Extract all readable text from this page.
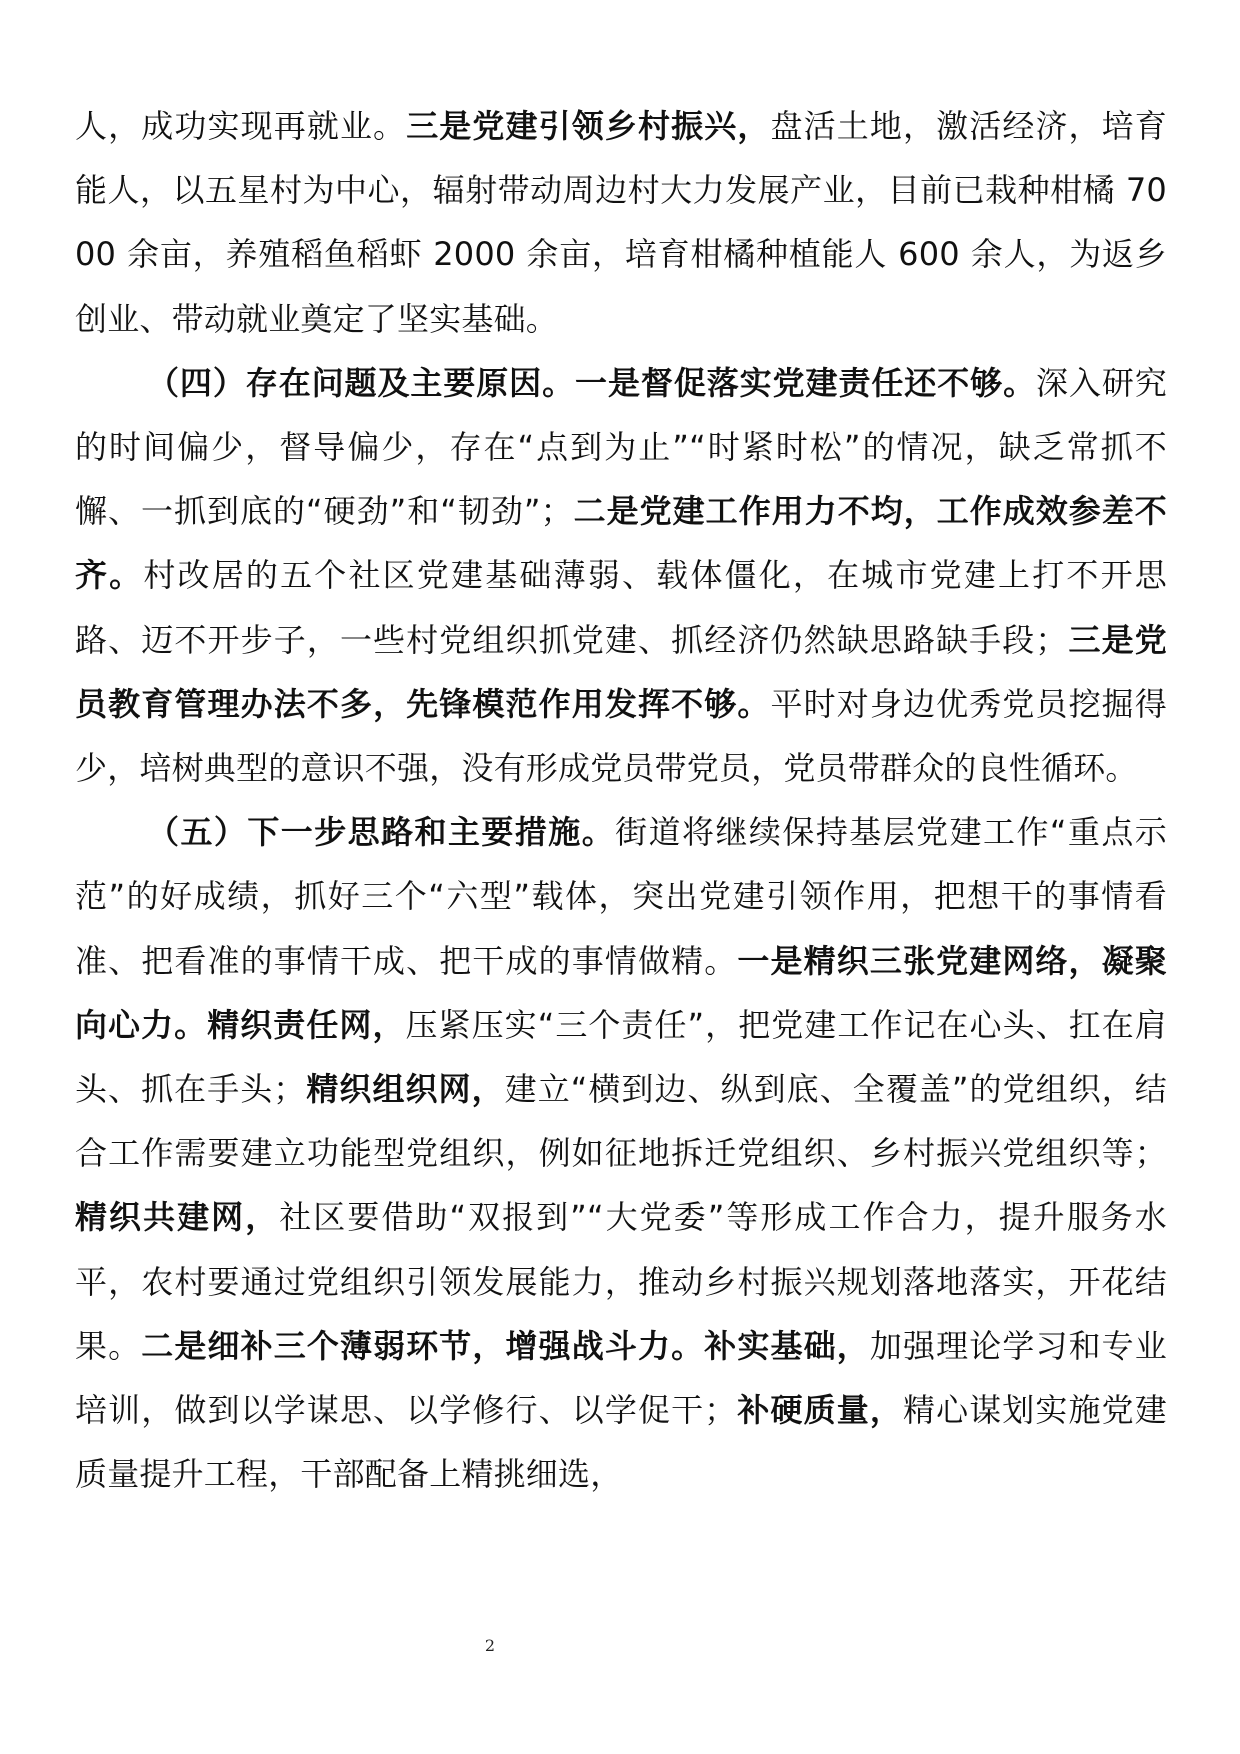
人，成功实现再就业。三是党建引领乡村振兴，盘活土地，激活经济，培育能人，以五星村为中心，辐射带动周边村大力发展产业，目前已栽种柑橘 7000 余亩，养殖稻鱼稻虾 2000 余亩，培育柑橘种植能人 600 余人，为返乡创业、带动就业奠定了坚实基础。

（四）存在问题及主要原因。一是督促落实党建责任还不够。深入研究的时间偏少，督导偏少，存在“点到为止”“时紧时松”的情况，缺乏常抓不懈、一抓到底的“硬劲”和“韧劲”；二是党建工作用力不均，工作成效参差不齐。村改居的五个社区党建基础薄弱、载体僵化，在城市党建上打不开思路、迈不开步子，一些村党组织抓党建、抓经济仍然缺思路缺手段；三是党员教育管理办法不多，先锋模范作用发挥不够。平时对身边优秀党员挖掘得少，培树典型的意识不强，没有形成党员带党员，党员带群众的良性循环。

（五）下一步思路和主要措施。街道将继续保持基层党建工作“重点示范”的好成绩，抓好三个“六型”载体，突出党建引领作用，把想干的事情看准、把看准的事情干成、把干成的事情做精。一是精织三张党建网络，凝聚向心力。精织责任网，压紧压实“三个责任”，把党建工作记在心头、扛在肩头、抓在手头；精织组织网，建立“横到边、纵到底、全覆盖”的党组织，结合工作需要建立功能型党组织，例如征地拆迁党组织、乡村振兴党组织等；精织共建网，社区要借助“双报到”“大党委”等形成工作合力，提升服务水平，农村要通过党组织引领发展能力，推动乡村振兴规划落地落实，开花结果。二是细补三个薄弱环节，增强战斗力。补实基础，加强理论学习和专业培训，做到以学谋思、以学修行、以学促干；补硬质量，精心谋划实施党建质量提升工程，干部配备上精挑细选，

2
